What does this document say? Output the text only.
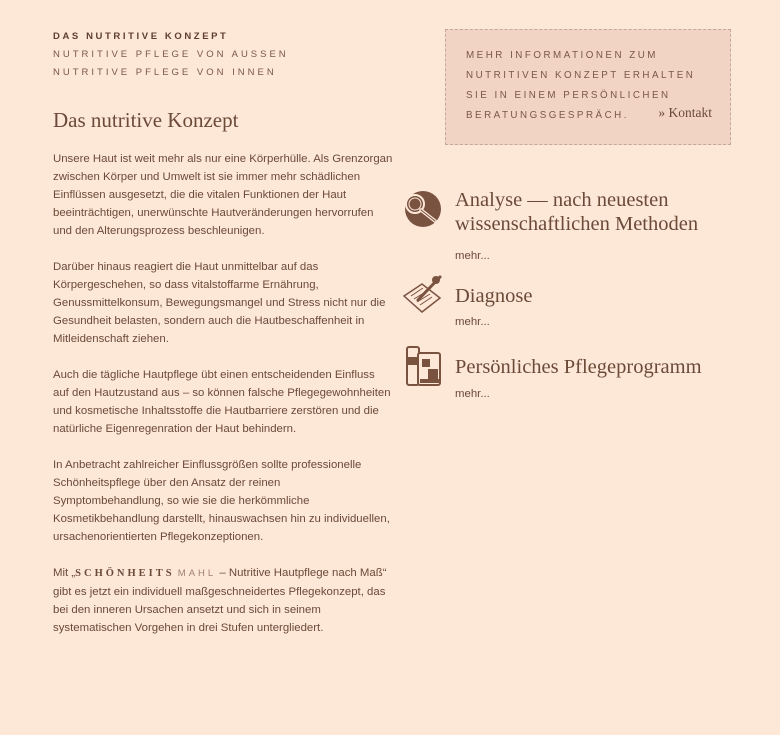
DAS NUTRITIVE KONZEPT
NUTRITIVE PFLEGE VON AUSSEN
NUTRITIVE PFLEGE VON INNEN
Das nutritive Konzept

Unsere Haut ist weit mehr als nur eine Körperhülle. Als Grenzorgan zwischen Körper und Umwelt ist sie immer mehr schädlichen Einflüssen ausgesetzt, die die vitalen Funktionen der Haut beeinträchtigen, unerwünschte Hautveränderungen hervorrufen und den Alterungsprozess beschleunigen.

Darüber hinaus reagiert die Haut unmittelbar auf das Körpergeschehen, so dass vitalstoffarme Ernährung, Genussmittelkonsum, Bewegungsmangel und Stress nicht nur die Gesundheit belasten, sondern auch die Hautbeschaffenheit in Mitleidenschaft ziehen.

Auch die tägliche Hautpflege übt einen entscheidenden Einfluss auf den Hautzustand aus – so können falsche Pflegegewohnheiten und kosmetische Inhaltsstoffe die Hautbarriere zerstören und die natürliche Eigenregenration der Haut behindern.

In Anbetracht zahlreicher Einflussgrößen sollte professionelle Schönheitspflege über den Ansatz der reinen Symptombehandlung, so wie sie die herkömmliche Kosmetikbehandlung darstellt, hinauswachsen hin zu individuellen, ursachenorientierten Pflegekonzeptionen.

Mit „SCHÖNHEITS MAHL – Nutritive Hautpflege nach Maß“ gibt es jetzt ein individuell maßgeschneidertes Pflegekonzept, das bei den inneren Ursachen ansetzt und sich in seinem systematischen Vorgehen in drei Stufen untergliedert.

MEHR INFORMATIONEN ZUM
NUTRITIVEN KONZEPT ERHALTEN
SIE IN EINEM PERSÖNLICHEN
BERATUNGSGESPRÄCH.	» Kontakt
Analyse — nach neuesten
wissenschaftlichen Methoden
mehr...
Diagnose
mehr...
Persönliches Pflegeprogramm
mehr...
